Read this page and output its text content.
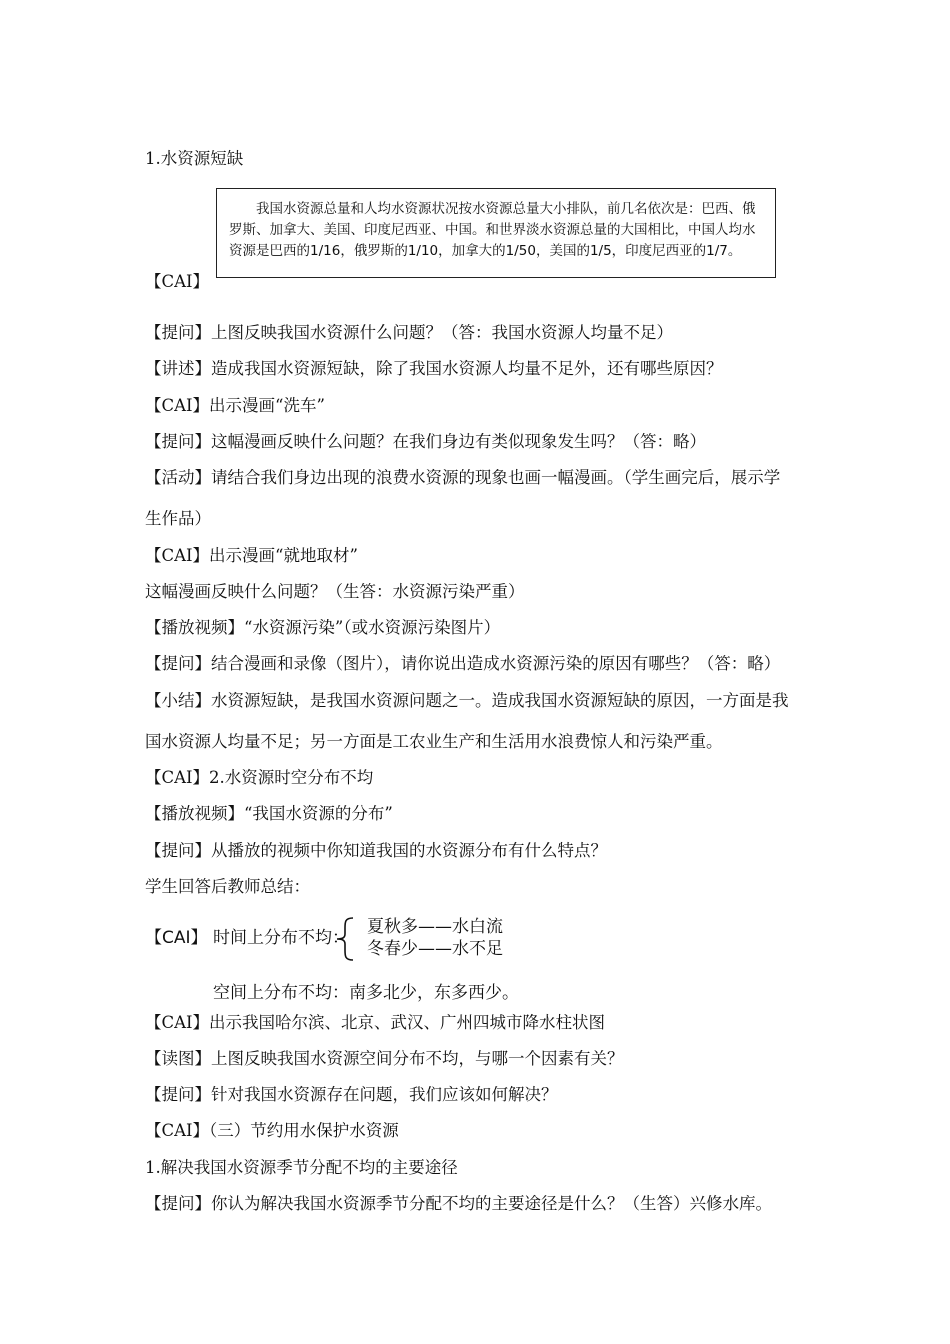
1.水资源短缺
【CAI】

我国水资源总量和人均水资源状况按水资源总量大小排队，前几名依次是：巴西、俄罗斯、加拿大、美国、印度尼西亚、中国。和世界淡水资源总量的大国相比，中国人均水资源是巴西的1/16，俄罗斯的1/10，加拿大的1/50，美国的1/5，印度尼西亚的1/7。

【提问】上图反映我国水资源什么问题？（答：我国水资源人均量不足）
【讲述】造成我国水资源短缺，除了我国水资源人均量不足外，还有哪些原因？
【CAI】出示漫画“洗车”
【提问】这幅漫画反映什么问题？在我们身边有类似现象发生吗？（答：略）
【活动】请结合我们身边出现的浪费水资源的现象也画一幅漫画。（学生画完后，展示学
生作品）
【CAI】出示漫画“就地取材”
这幅漫画反映什么问题？（生答：水资源污染严重）
【播放视频】“水资源污染”（或水资源污染图片）
【提问】结合漫画和录像（图片），请你说出造成水资源污染的原因有哪些？（答：略）
【小结】水资源短缺，是我国水资源问题之一。造成我国水资源短缺的原因，一方面是我
国水资源人均量不足；另一方面是工农业生产和生活用水浪费惊人和污染严重。
【CAI】2.水资源时空分布不均
【播放视频】“我国水资源的分布”
【提问】从播放的视频中你知道我国的水资源分布有什么特点？
学生回答后教师总结：
【CAI】 时间上分布不均：
夏秋多——水白流
冬春少——水不足
空间上分布不均：南多北少，东多西少。
【CAI】出示我国哈尔滨、北京、武汉、广州四城市降水柱状图
【读图】上图反映我国水资源空间分布不均，与哪一个因素有关？
【提问】针对我国水资源存在问题，我们应该如何解决？
【CAI】（三）节约用水保护水资源
1.解决我国水资源季节分配不均的主要途径
【提问】你认为解决我国水资源季节分配不均的主要途径是什么？（生答）兴修水库。
